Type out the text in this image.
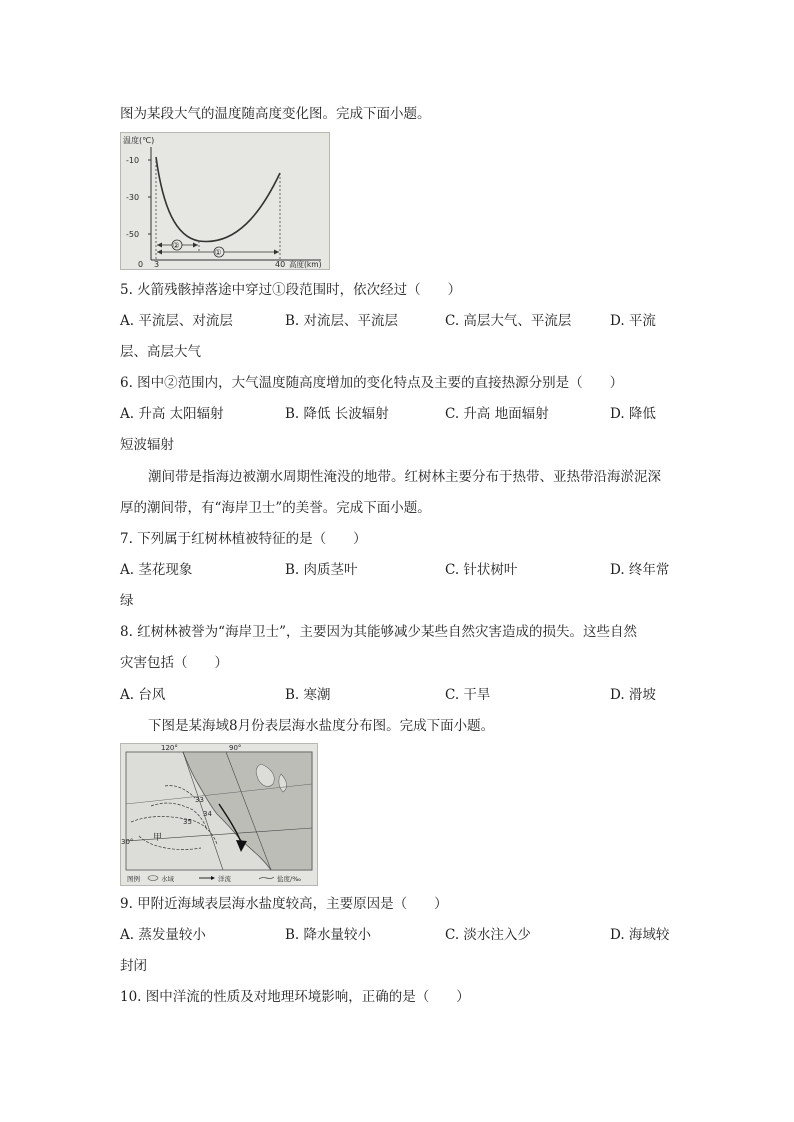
图为某段大气的温度随高度变化图。完成下面小题。
温度(℃)
-10
-30
-50
②
①
0 3	40 高度(km)
5. 火箭残骸掉落途中穿过①段范围时，依次经过（　　）
A. 平流层、对流层	B. 对流层、平流层	C. 高层大气、平流层	D. 平流
层、高层大气
6. 图中②范围内，大气温度随高度增加的变化特点及主要的直接热源分别是（　　）
A. 升高 太阳辐射	B. 降低 长波辐射	C. 升高 地面辐射	D. 降低
短波辐射
潮间带是指海边被潮水周期性淹没的地带。红树林主要分布于热带、亚热带沿海淤泥深
厚的潮间带，有“海岸卫士”的美誉。完成下面小题。
7. 下列属于红树林植被特征的是（　　）
A. 茎花现象	B. 肉质茎叶	C. 针状树叶	D. 终年常
绿
8. 红树林被誉为“海岸卫士”，主要因为其能够减少某些自然灾害造成的损失。这些自然
灾害包括（　　）
A. 台风	B. 寒潮	C. 干旱	D. 滑坡
下图是某海域8月份表层海水盐度分布图。完成下面小题。
120°	90°
30°
33
34
35
甲
图例	水域	洋流	盐度/‰
9. 甲附近海域表层海水盐度较高，主要原因是（　　）
A. 蒸发量较小	B. 降水量较小	C. 淡水注入少	D. 海域较
封闭
10. 图中洋流的性质及对地理环境影响，正确的是（　　）
